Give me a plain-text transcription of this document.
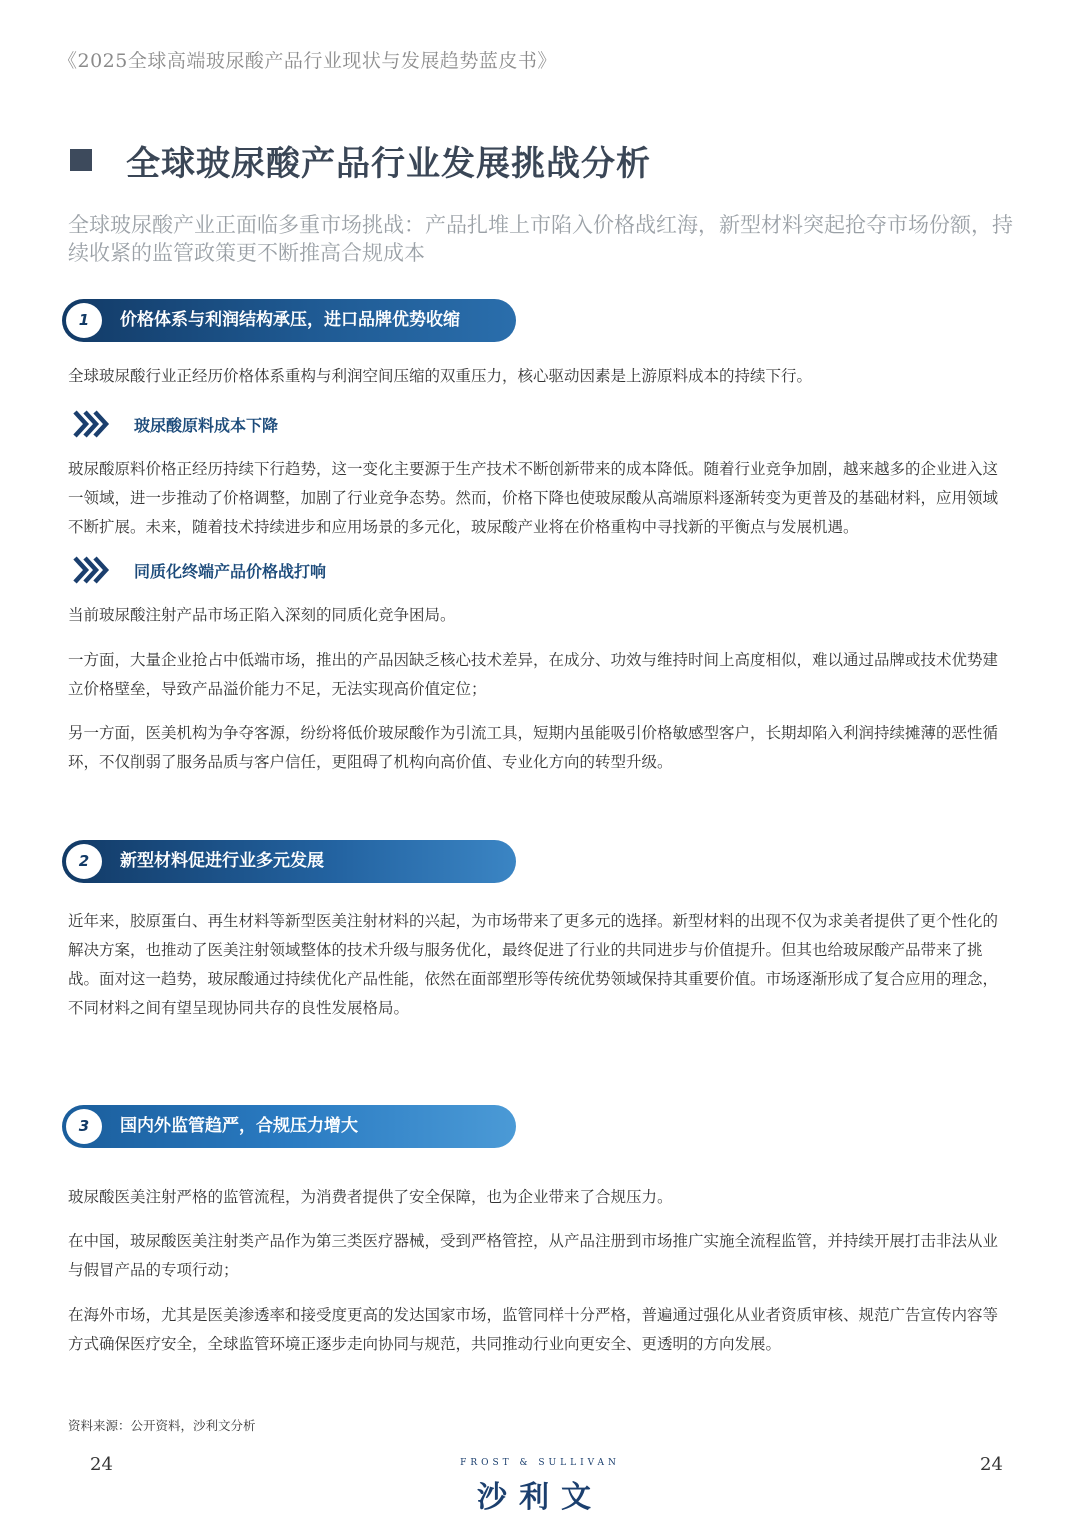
《2025全球高端玻尿酸产品行业现状与发展趋势蓝皮书》
全球玻尿酸产品行业发展挑战分析
全球玻尿酸产业正面临多重市场挑战：产品扎堆上市陷入价格战红海，新型材料突起抢夺市场份额，持续收紧的监管政策更不断推高合规成本
1	价格体系与利润结构承压，进口品牌优势收缩
全球玻尿酸行业正经历价格体系重构与利润空间压缩的双重压力，核心驱动因素是上游原料成本的持续下行。
玻尿酸原料成本下降
玻尿酸原料价格正经历持续下行趋势，这一变化主要源于生产技术不断创新带来的成本降低。随着行业竞争加剧，越来越多的企业进入这一领域，进一步推动了价格调整，加剧了行业竞争态势。然而，价格下降也使玻尿酸从高端原料逐渐转变为更普及的基础材料，应用领域不断扩展。未来，随着技术持续进步和应用场景的多元化，玻尿酸产业将在价格重构中寻找新的平衡点与发展机遇。
同质化终端产品价格战打响
当前玻尿酸注射产品市场正陷入深刻的同质化竞争困局。
一方面，大量企业抢占中低端市场，推出的产品因缺乏核心技术差异，在成分、功效与维持时间上高度相似，难以通过品牌或技术优势建立价格壁垒，导致产品溢价能力不足，无法实现高价值定位；
另一方面，医美机构为争夺客源，纷纷将低价玻尿酸作为引流工具，短期内虽能吸引价格敏感型客户，长期却陷入利润持续摊薄的恶性循环，不仅削弱了服务品质与客户信任，更阻碍了机构向高价值、专业化方向的转型升级。
2	新型材料促进行业多元发展
近年来，胶原蛋白、再生材料等新型医美注射材料的兴起，为市场带来了更多元的选择。新型材料的出现不仅为求美者提供了更个性化的解决方案，也推动了医美注射领域整体的技术升级与服务优化，最终促进了行业的共同进步与价值提升。但其也给玻尿酸产品带来了挑战。面对这一趋势，玻尿酸通过持续优化产品性能，依然在面部塑形等传统优势领域保持其重要价值。市场逐渐形成了复合应用的理念，不同材料之间有望呈现协同共存的良性发展格局。
3	国内外监管趋严，合规压力增大
玻尿酸医美注射严格的监管流程，为消费者提供了安全保障，也为企业带来了合规压力。
在中国，玻尿酸医美注射类产品作为第三类医疗器械，受到严格管控，从产品注册到市场推广实施全流程监管，并持续开展打击非法从业与假冒产品的专项行动；
在海外市场，尤其是医美渗透率和接受度更高的发达国家市场，监管同样十分严格，普遍通过强化从业者资质审核、规范广告宣传内容等方式确保医疗安全，全球监管环境正逐步走向协同与规范，共同推动行业向更安全、更透明的方向发展。
资料来源：公开资料，沙利文分析
24	24
FROST & SULLIVAN
沙利文
